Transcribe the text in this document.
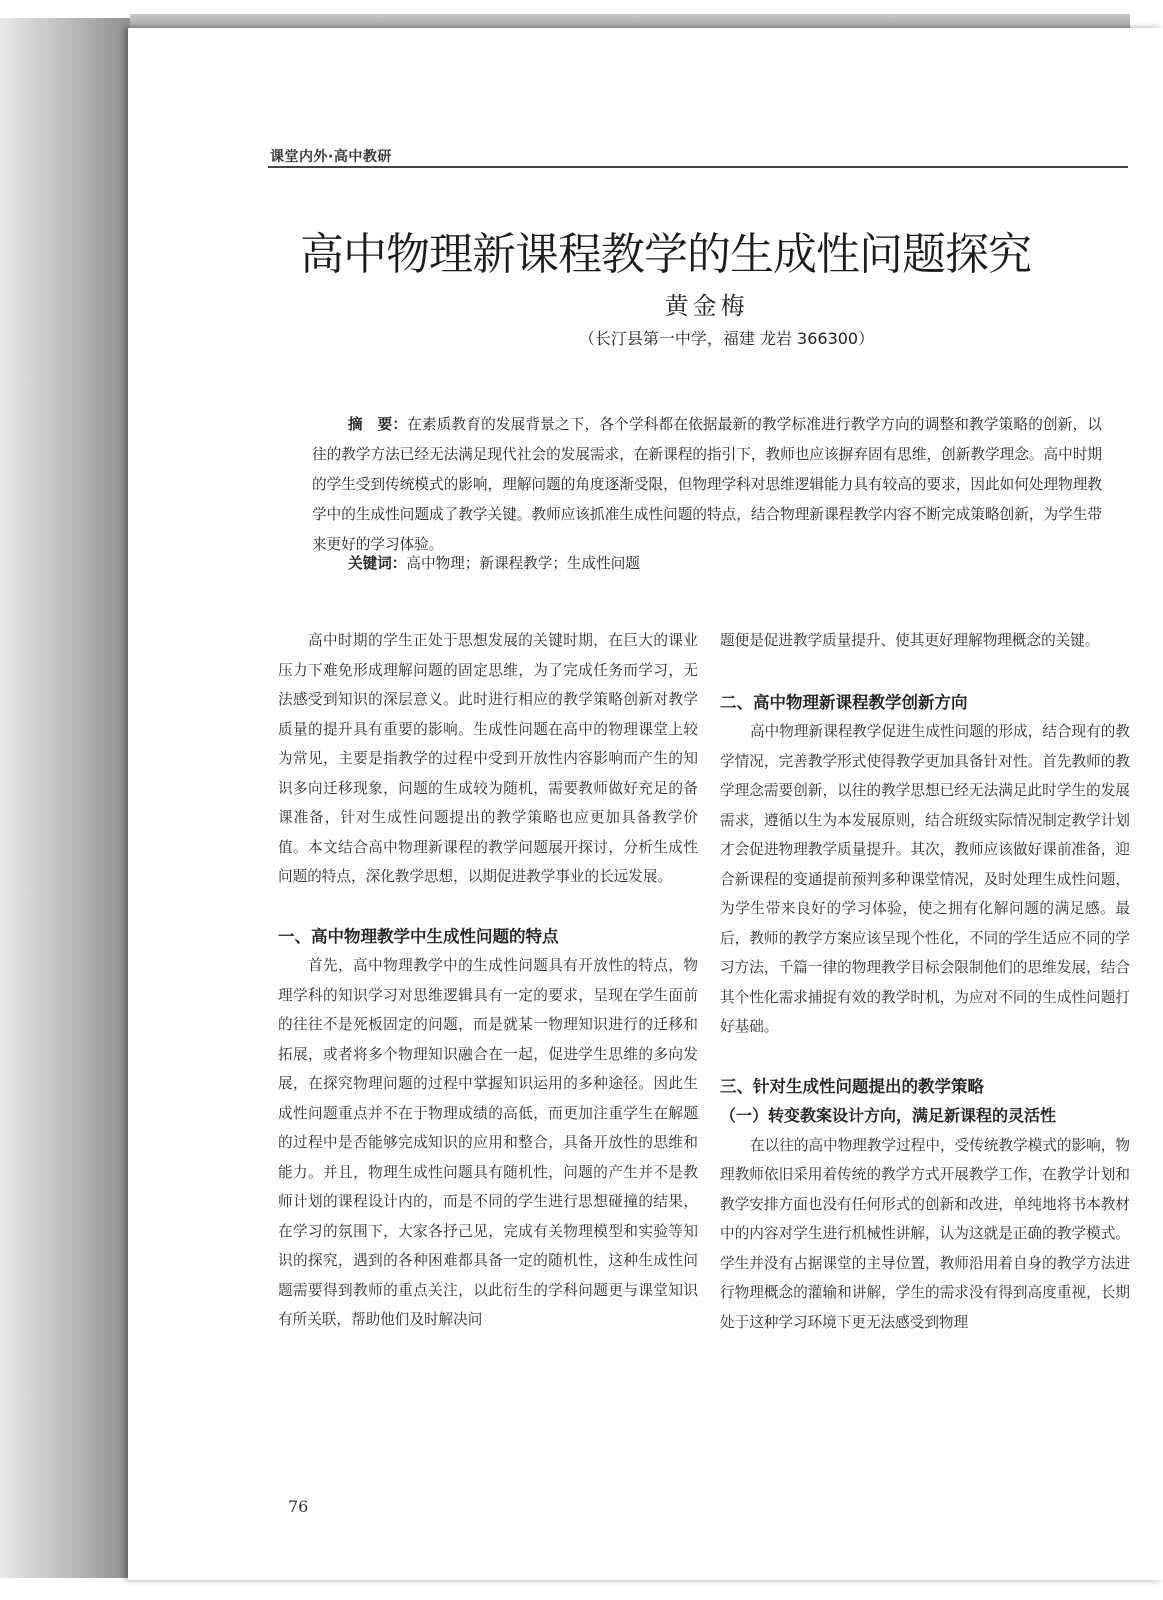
课堂内外·高中教研
高中物理新课程教学的生成性问题探究
黄金梅
（长汀县第一中学，福建 龙岩 366300）
摘　要：在素质教育的发展背景之下，各个学科都在依据最新的教学标准进行教学方向的调整和教学策略的创新，以往的教学方法已经无法满足现代社会的发展需求，在新课程的指引下，教师也应该摒弃固有思维，创新教学理念。高中时期的学生受到传统模式的影响，理解问题的角度逐渐受限，但物理学科对思维逻辑能力具有较高的要求，因此如何处理物理教学中的生成性问题成了教学关键。教师应该抓准生成性问题的特点，结合物理新课程教学内容不断完成策略创新，为学生带来更好的学习体验。
关键词：高中物理；新课程教学；生成性问题

高中时期的学生正处于思想发展的关键时期，在巨大的课业压力下难免形成理解问题的固定思维，为了完成任务而学习，无法感受到知识的深层意义。此时进行相应的教学策略创新对教学质量的提升具有重要的影响。生成性问题在高中的物理课堂上较为常见，主要是指教学的过程中受到开放性内容影响而产生的知识多向迁移现象，问题的生成较为随机，需要教师做好充足的备课准备，针对生成性问题提出的教学策略也应更加具备教学价值。本文结合高中物理新课程的教学问题展开探讨，分析生成性问题的特点，深化教学思想，以期促进教学事业的长远发展。

一、高中物理教学中生成性问题的特点

首先，高中物理教学中的生成性问题具有开放性的特点，物理学科的知识学习对思维逻辑具有一定的要求，呈现在学生面前的往往不是死板固定的问题，而是就某一物理知识进行的迁移和拓展，或者将多个物理知识融合在一起，促进学生思维的多向发展，在探究物理问题的过程中掌握知识运用的多种途径。因此生成性问题重点并不在于物理成绩的高低，而更加注重学生在解题的过程中是否能够完成知识的应用和整合，具备开放性的思维和能力。并且，物理生成性问题具有随机性，问题的产生并不是教师计划的课程设计内的，而是不同的学生进行思想碰撞的结果，在学习的氛围下，大家各抒己见，完成有关物理模型和实验等知识的探究，遇到的各种困难都具备一定的随机性，这种生成性问题需要得到教师的重点关注，以此衍生的学科问题更与课堂知识有所关联，帮助他们及时解决问

题便是促进教学质量提升、使其更好理解物理概念的关键。

二、高中物理新课程教学创新方向

高中物理新课程教学促进生成性问题的形成，结合现有的教学情况，完善教学形式使得教学更加具备针对性。首先教师的教学理念需要创新，以往的教学思想已经无法满足此时学生的发展需求，遵循以生为本发展原则，结合班级实际情况制定教学计划才会促进物理教学质量提升。其次，教师应该做好课前准备，迎合新课程的变通提前预判多种课堂情况，及时处理生成性问题，为学生带来良好的学习体验，使之拥有化解问题的满足感。最后，教师的教学方案应该呈现个性化，不同的学生适应不同的学习方法，千篇一律的物理教学目标会限制他们的思维发展，结合其个性化需求捕捉有效的教学时机，为应对不同的生成性问题打好基础。

三、针对生成性问题提出的教学策略
（一）转变教案设计方向，满足新课程的灵活性

在以往的高中物理教学过程中，受传统教学模式的影响，物理教师依旧采用着传统的教学方式开展教学工作，在教学计划和教学安排方面也没有任何形式的创新和改进，单纯地将书本教材中的内容对学生进行机械性讲解，认为这就是正确的教学模式。学生并没有占据课堂的主导位置，教师沿用着自身的教学方法进行物理概念的灌输和讲解，学生的需求没有得到高度重视，长期处于这种学习环境下更无法感受到物理

76
